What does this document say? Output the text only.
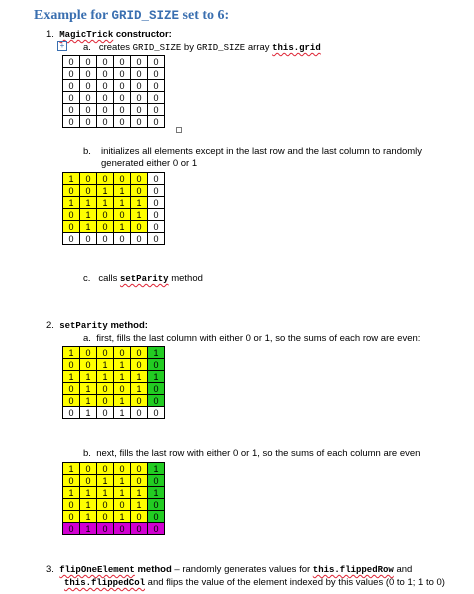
Example for GRID_SIZE set to 6:
1. MagicTrick constructor:
a. creates GRID_SIZE by GRID_SIZE array this.grid
+
0	0	0	0	0	0
0	0	0	0	0	0
0	0	0	0	0	0
0	0	0	0	0	0
0	0	0	0	0	0
0	0	0	0	0	0
b. initializes all elements except in the last row and the last column to randomly generated either 0 or 1
1	0	0	0	0	0
0	0	1	1	0	0
1	1	1	1	1	0
0	1	0	0	1	0
0	1	0	1	0	0
0	0	0	0	0	0
c. calls setParity method
2. setParity method:
a. first, fills the last column with either 0 or 1, so the sums of each row are even:
1	0	0	0	0	1
0	0	1	1	0	0
1	1	1	1	1	1
0	1	0	0	1	0
0	1	0	1	0	0
0	1	0	1	0	0
b. next, fills the last row with either 0 or 1, so the sums of each column are even
1	0	0	0	0	1
0	0	1	1	0	0
1	1	1	1	1	1
0	1	0	0	1	0
0	1	0	1	0	0
0	1	0	0	0	0
3. flipOneElement method – randomly generates values for this.flippedRow and
this.flippedCol and flips the value of the element indexed by this values (0 to 1; 1 to 0)
